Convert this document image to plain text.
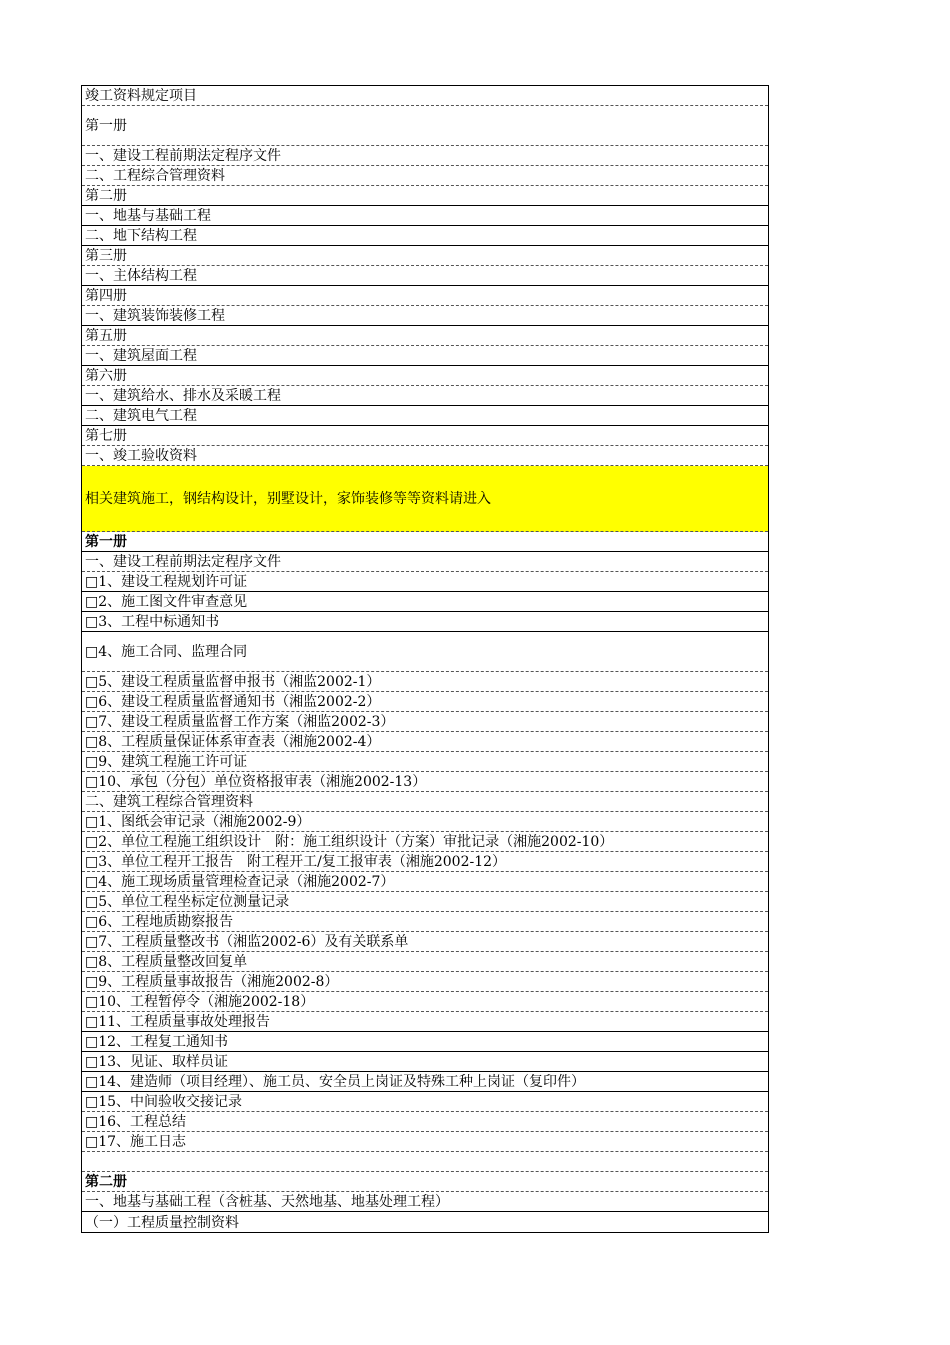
竣工资料规定项目
第一册
一、建设工程前期法定程序文件
二、工程综合管理资料
第二册
一、地基与基础工程
二、地下结构工程
第三册
一、主体结构工程
第四册
一、建筑装饰装修工程
第五册
一、建筑屋面工程
第六册
一、建筑给水、排水及采暖工程
二、建筑电气工程
第七册
一、竣工验收资料
相关建筑施工，钢结构设计，别墅设计，家饰装修等等资料请进入
第一册
一、建设工程前期法定程序文件
□1、建设工程规划许可证
□2、施工图文件审查意见
□3、工程中标通知书
□4、施工合同、监理合同
□5、建设工程质量监督申报书（湘监2002-1）
□6、建设工程质量监督通知书（湘监2002-2）
□7、建设工程质量监督工作方案（湘监2002-3）
□8、工程质量保证体系审查表（湘施2002-4）
□9、建筑工程施工许可证
□10、承包（分包）单位资格报审表（湘施2002-13）
二、建筑工程综合管理资料
□1、图纸会审记录（湘施2002-9）
□2、单位工程施工组织设计　附：施工组织设计（方案）审批记录（湘施2002-10）
□3、单位工程开工报告　附工程开工/复工报审表（湘施2002-12）
□4、施工现场质量管理检查记录（湘施2002-7）
□5、单位工程坐标定位测量记录
□6、工程地质勘察报告
□7、工程质量整改书（湘监2002-6）及有关联系单
□8、工程质量整改回复单
□9、工程质量事故报告（湘施2002-8）
□10、工程暂停令（湘施2002-18）
□11、工程质量事故处理报告
□12、工程复工通知书
□13、见证、取样员证
□14、建造师（项目经理）、施工员、安全员上岗证及特殊工种上岗证（复印件）
□15、中间验收交接记录
□16、工程总结
□17、施工日志
第二册
一、地基与基础工程（含桩基、天然地基、地基处理工程）
（一）工程质量控制资料
